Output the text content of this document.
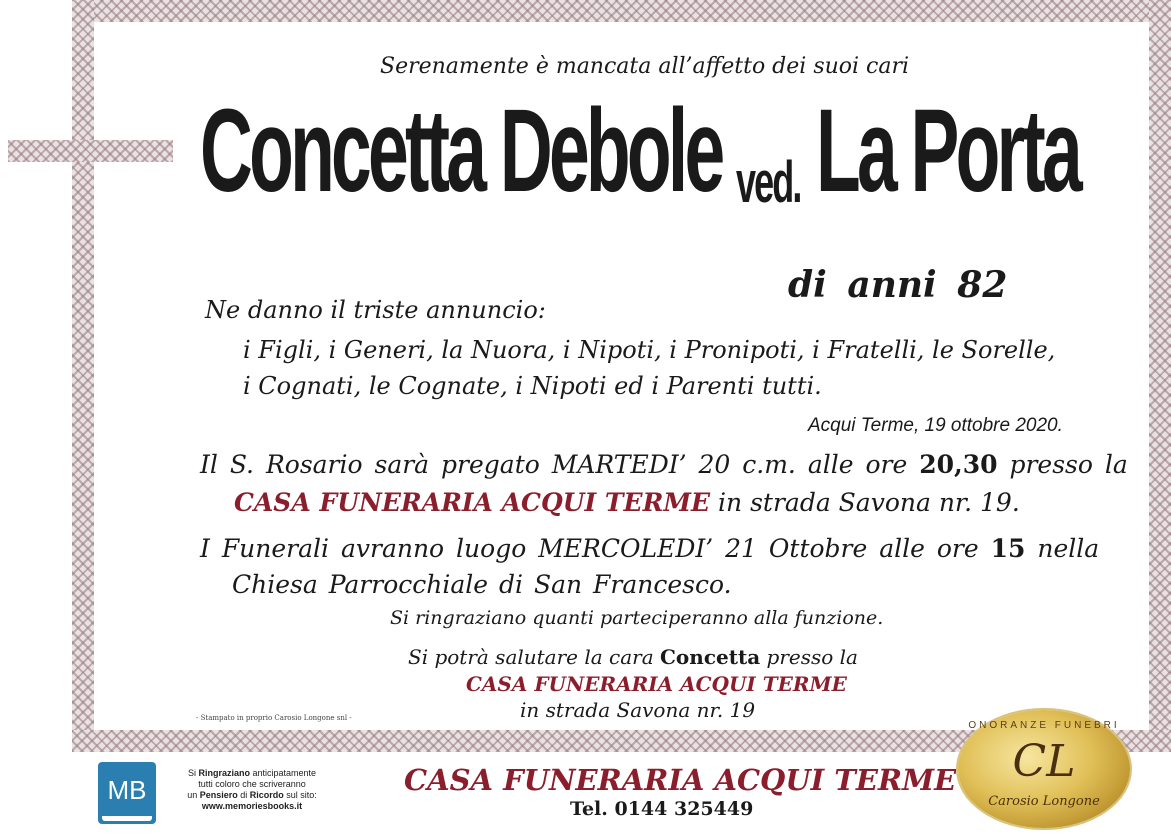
Serenamente è mancata all’affetto dei suoi cari
Concetta Debole ved. La Porta
di anni 82
Ne danno il triste annuncio:
i Figli, i Generi, la Nuora, i Nipoti, i Pronipoti, i Fratelli, le Sorelle,
i Cognati, le Cognate, i Nipoti ed i Parenti tutti.
Acqui Terme, 19 ottobre 2020.
Il S. Rosario sarà pregato MARTEDI’ 20 c.m. alle ore 20,30 presso la
CASA FUNERARIA ACQUI TERME in strada Savona nr. 19.
I Funerali avranno luogo MERCOLEDI’ 21 Ottobre alle ore 15 nella
Chiesa Parrocchiale di San Francesco.
Si ringraziano quanti parteciperanno alla funzione.
Si potrà salutare la cara Concetta presso la
CASA FUNERARIA ACQUI TERME
in strada Savona nr. 19
- Stampato in proprio Carosio Longone snl -
MB
Si Ringraziano anticipatamente
tutti coloro che scriveranno
un Pensiero di Ricordo sul sito:
www.memoriesbooks.it
CASA FUNERARIA ACQUI TERME
Tel. 0144 325449
ONORANZE FUNEBRI
CL
Carosio Longone
